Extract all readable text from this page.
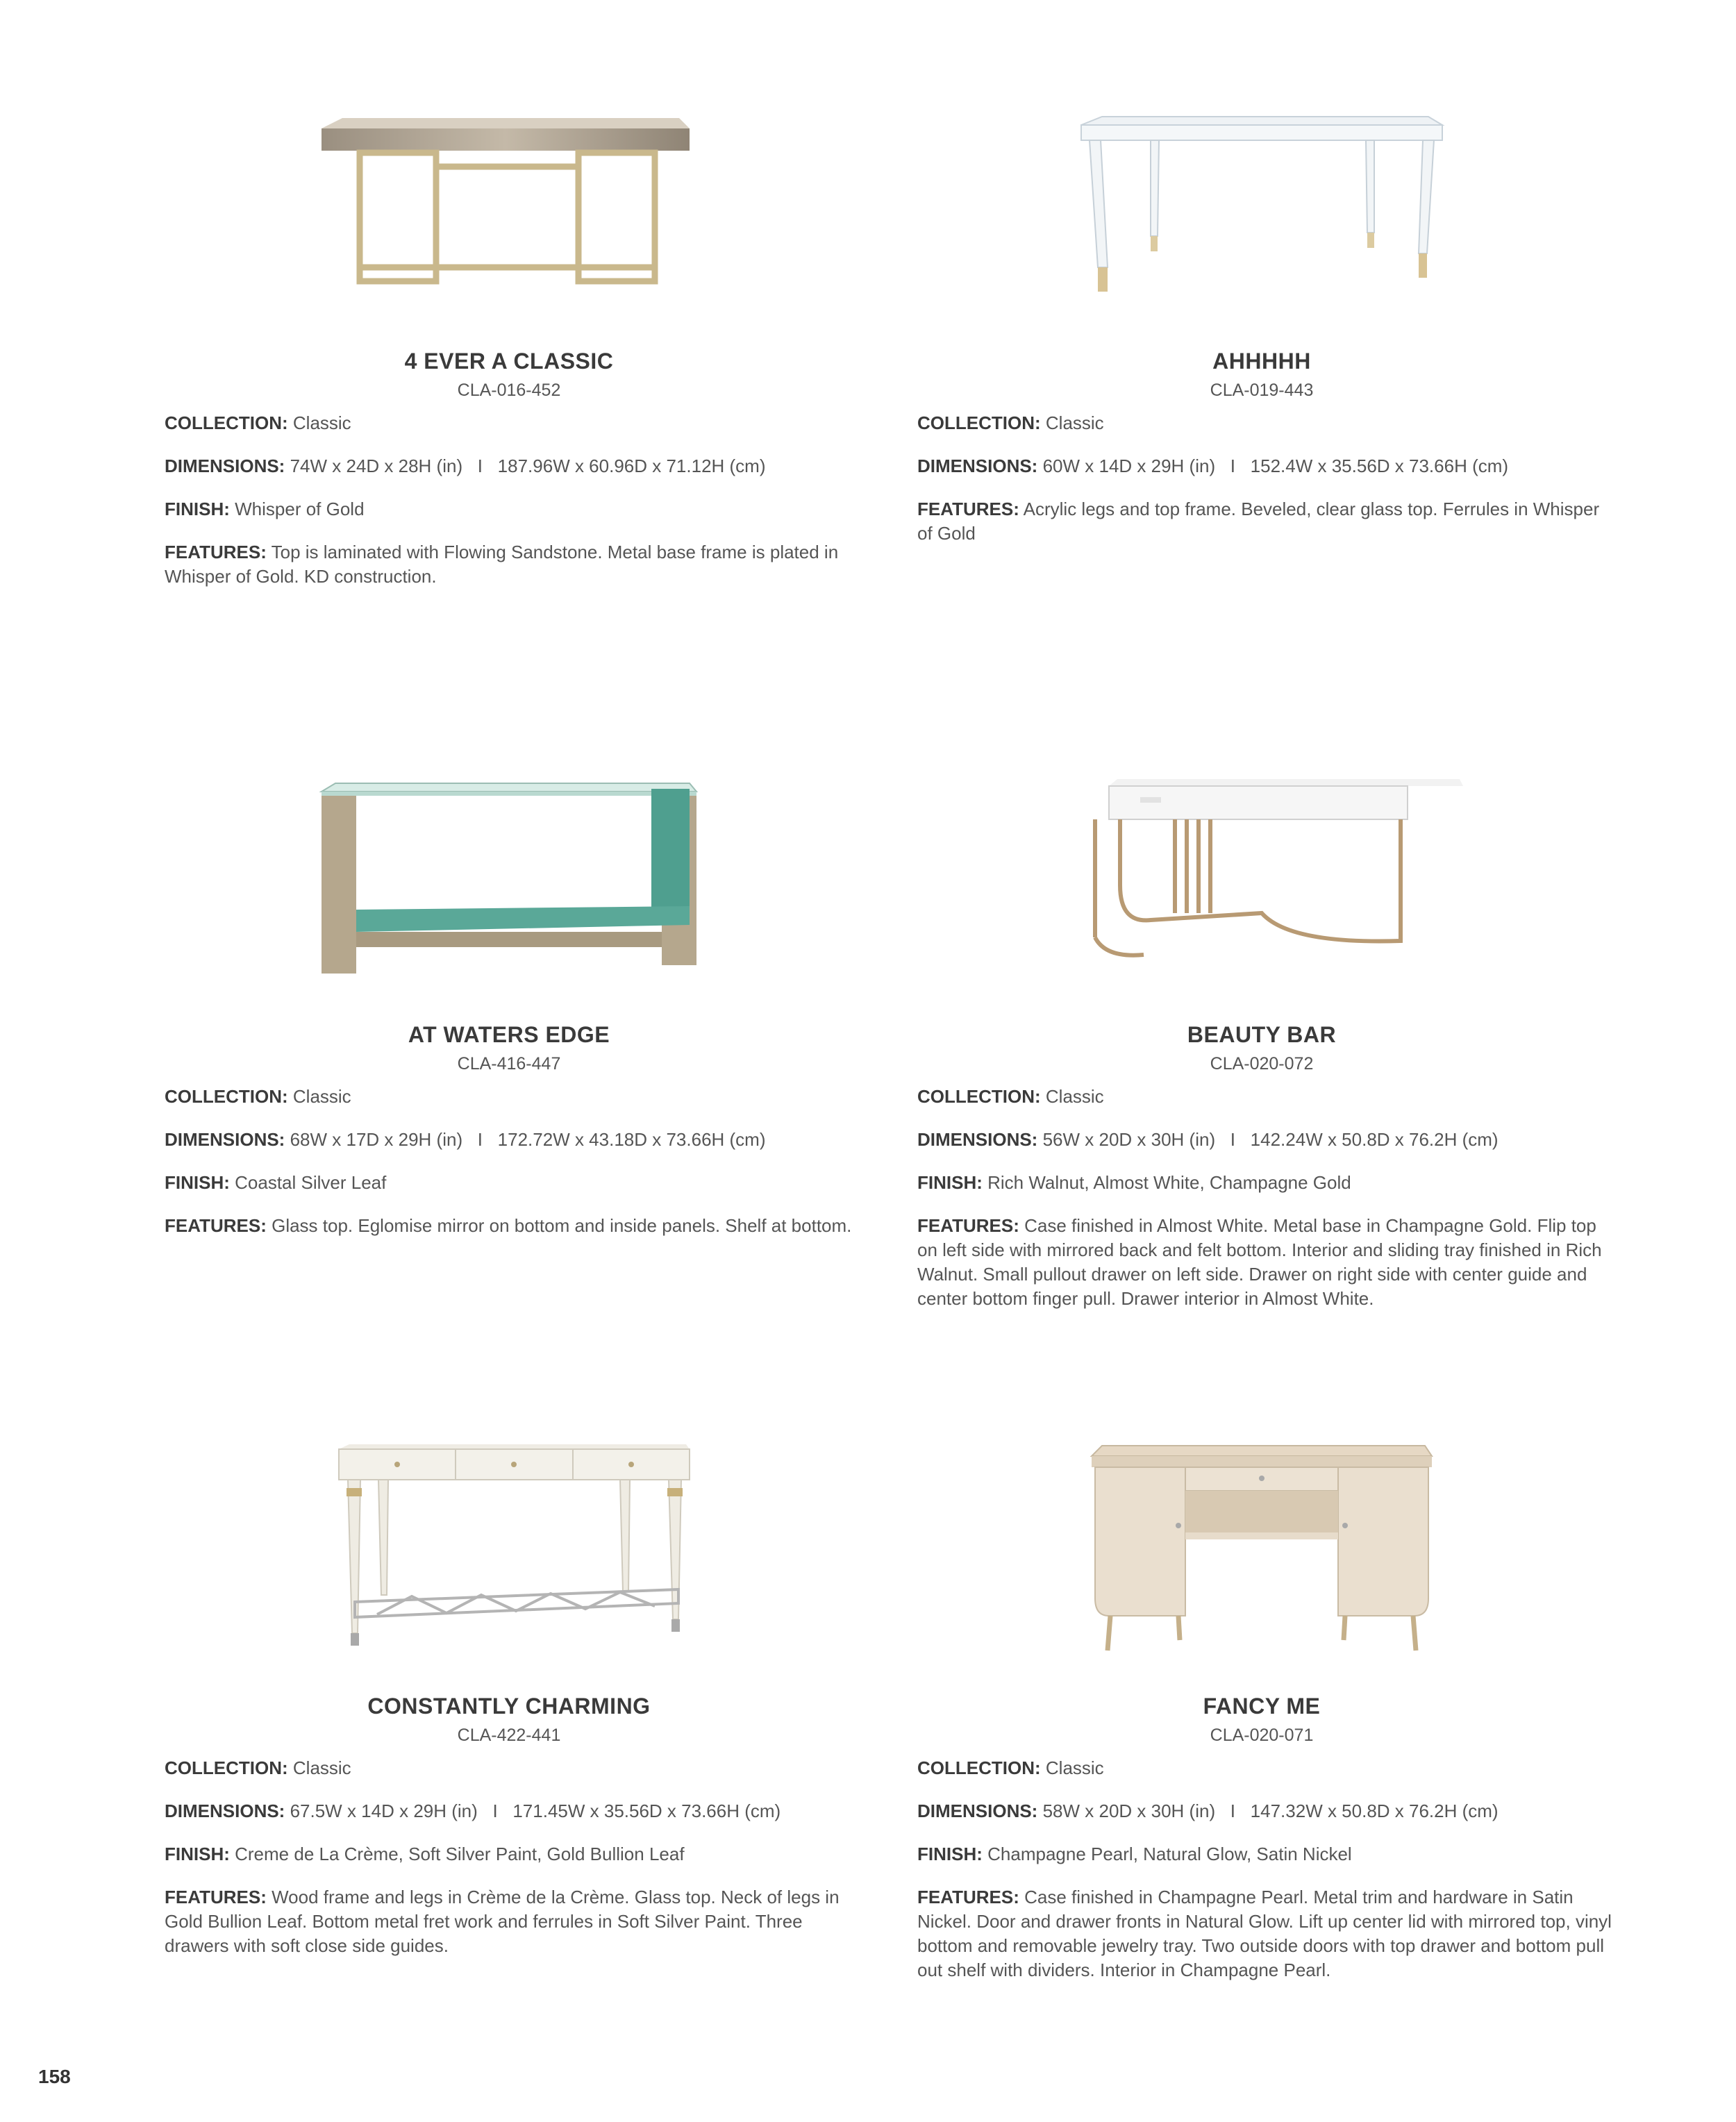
4 EVER A CLASSIC
CLA-016-452
COLLECTION: Classic
DIMENSIONS: 74W x 24D x 28H (in)   I   187.96W x 60.96D x 71.12H (cm)
FINISH: Whisper of Gold
FEATURES: Top is laminated with Flowing Sandstone. Metal base frame is plated in Whisper of Gold. KD construction.
AHHHHH
CLA-019-443
COLLECTION: Classic
DIMENSIONS: 60W x 14D x 29H (in)   I   152.4W x 35.56D x 73.66H (cm)
FEATURES: Acrylic legs and top frame. Beveled, clear glass top. Ferrules in Whisper of Gold
AT WATERS EDGE
CLA-416-447
COLLECTION: Classic
DIMENSIONS: 68W x 17D x 29H (in)   I   172.72W x 43.18D x 73.66H (cm)
FINISH: Coastal Silver Leaf
FEATURES: Glass top. Eglomise mirror on bottom and inside panels. Shelf at bottom.
BEAUTY BAR
CLA-020-072
COLLECTION: Classic
DIMENSIONS: 56W x 20D x 30H (in)   I   142.24W x 50.8D x 76.2H (cm)
FINISH: Rich Walnut, Almost White, Champagne Gold
FEATURES: Case finished in Almost White. Metal base in Champagne Gold. Flip top on left side with mirrored back and felt bottom. Interior and sliding tray finished in Rich Walnut. Small pullout drawer on left side. Drawer on right side with center guide and center bottom finger pull. Drawer interior in Almost White.
CONSTANTLY CHARMING
CLA-422-441
COLLECTION: Classic
DIMENSIONS: 67.5W x 14D x 29H (in)   I   171.45W x 35.56D x 73.66H (cm)
FINISH: Creme de La Crème, Soft Silver Paint, Gold Bullion Leaf
FEATURES: Wood frame and legs in Crème de la Crème. Glass top. Neck of legs in Gold Bullion Leaf. Bottom metal fret work and ferrules in Soft Silver Paint. Three drawers with soft close side guides.
FANCY ME
CLA-020-071
COLLECTION: Classic
DIMENSIONS: 58W x 20D x 30H (in)   I   147.32W x 50.8D x 76.2H (cm)
FINISH: Champagne Pearl, Natural Glow, Satin Nickel
FEATURES: Case finished in Champagne Pearl. Metal trim and hardware in Satin Nickel. Door and drawer fronts in Natural Glow. Lift up center lid with mirrored top, vinyl bottom and removable jewelry tray. Two outside doors with top drawer and bottom pull out shelf with dividers. Interior in Champagne Pearl.
158
